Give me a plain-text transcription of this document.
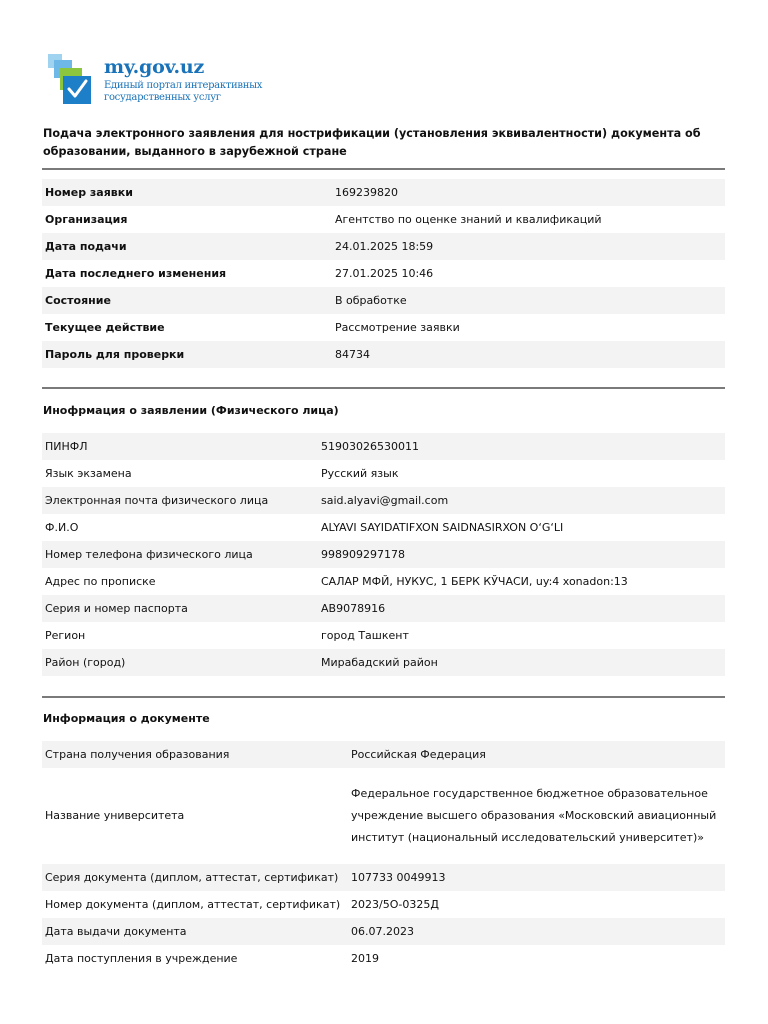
my.gov.uz
Единый портал интерактивных
государственных услуг
Подача электронного заявления для нострификации (установления эквивалентности) документа об образовании, выданного в зарубежной стране
Номер заявки	169239820
Организация	Агентство по оценке знаний и квалификаций
Дата подачи	24.01.2025 18:59
Дата последнего изменения	27.01.2025 10:46
Состояние	В обработке
Текущее действие	Рассмотрение заявки
Пароль для проверки	84734
Инофрмация о заявлении (Физического лица)
ПИНФЛ	51903026530011
Язык экзамена	Русский язык
Электронная почта физического лица	said.alyavi@gmail.com
Ф.И.О	ALYAVI SAYIDATIFXON SAIDNASIRXON O‘G‘LI
Номер телефона физического лица	998909297178
Адрес по прописке	САЛАР МФЙ, НУКУС, 1 БЕРК КЎЧАСИ, uy:4 xonadon:13
Серия и номер паспорта	AB9078916
Регион	город Ташкент
Район (город)	Мирабадский район
Информация о документе
Страна получения образования	Российская Федерация
Название университета	Федеральное государственное бюджетное образовательное учреждение высшего образования «Московский авиационный институт (национальный исследовательский университет)»
Серия документа (диплом, аттестат, сертификат)	107733 0049913
Номер документа (диплом, аттестат, сертификат)	2023/5О-0325Д
Дата выдачи документа	06.07.2023
Дата поступления в учреждение	2019
